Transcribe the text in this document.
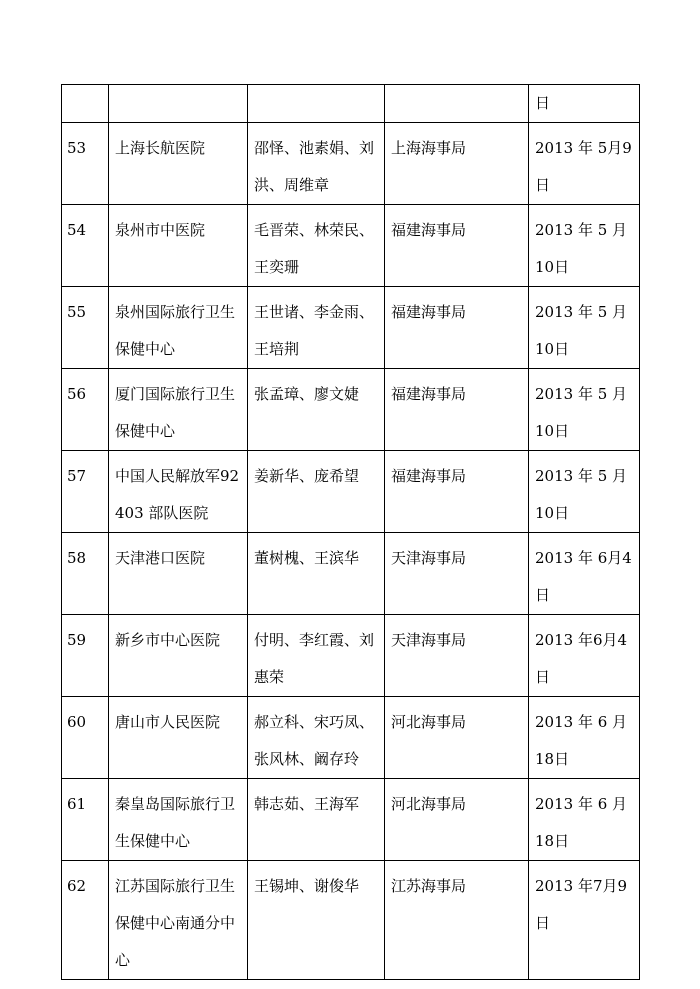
				日
53	上海长航医院	邵怿、池素娟、刘洪、周维章	上海海事局	2013 年 5月9日
54	泉州市中医院	毛晋荣、林荣民、王奕珊	福建海事局	2013 年 5 月10日
55	泉州国际旅行卫生保健中心	王世诸、李金雨、王培荆	福建海事局	2013 年 5 月10日
56	厦门国际旅行卫生保健中心	张孟璋、廖文婕	福建海事局	2013 年 5 月10日
57	中国人民解放军92403 部队医院	姜新华、庞希望	福建海事局	2013 年 5 月10日
58	天津港口医院	董树槐、王滨华	天津海事局	2013 年 6月4日
59	新乡市中心医院	付明、李红霞、刘惠荣	天津海事局	2013 年6月4日
60	唐山市人民医院	郝立科、宋巧凤、张风林、阚存玲	河北海事局	2013 年 6 月18日
61	秦皇岛国际旅行卫生保健中心	韩志茹、王海军	河北海事局	2013 年 6 月18日
62	江苏国际旅行卫生保健中心南通分中心	王锡坤、谢俊华	江苏海事局	2013 年7月9日
